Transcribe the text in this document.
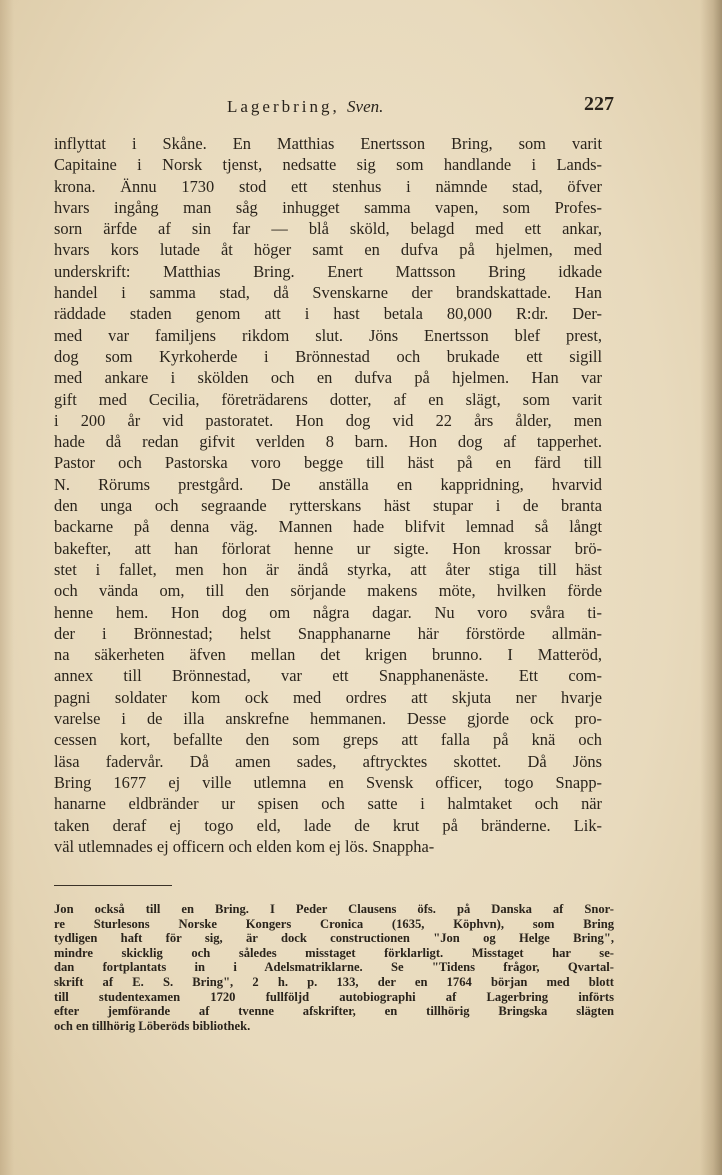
Lagerbring, Sven.	227
inflyttat i Skåne. En Matthias Enertsson Bring, som varit
Capitaine i Norsk tjenst, nedsatte sig som handlande i Lands-
krona. Ännu 1730 stod ett stenhus i nämnde stad, öfver
hvars ingång man såg inhugget samma vapen, som Profes-
sorn ärfde af sin far — blå sköld, belagd med ett ankar,
hvars kors lutade åt höger samt en dufva på hjelmen, med
underskrift: Matthias Bring. Enert Mattsson Bring idkade
handel i samma stad, då Svenskarne der brandskattade. Han
räddade staden genom att i hast betala 80,000 R:dr. Der-
med var familjens rikdom slut. Jöns Enertsson blef prest,
dog som Kyrkoherde i Brönnestad och brukade ett sigill
med ankare i skölden och en dufva på hjelmen. Han var
gift med Cecilia, företrädarens dotter, af en slägt, som varit
i 200 år vid pastoratet. Hon dog vid 22 års ålder, men
hade då redan gifvit verlden 8 barn. Hon dog af tapperhet.
Pastor och Pastorska voro begge till häst på en färd till
N. Rörums prestgård. De anställa en kappridning, hvarvid
den unga och segraande rytterskans häst stupar i de branta
backarne på denna väg. Mannen hade blifvit lemnad så långt
bakefter, att han förlorat henne ur sigte. Hon krossar brö-
stet i fallet, men hon är ändå styrka, att åter stiga till häst
och vända om, till den sörjande makens möte, hvilken förde
henne hem. Hon dog om några dagar. Nu voro svåra ti-
der i Brönnestad; helst Snapphanarne här förstörde allmän-
na säkerheten äfven mellan det krigen brunno. I Matteröd,
annex till Brönnestad, var ett Snapphanenäste. Ett com-
pagni soldater kom ock med ordres att skjuta ner hvarje
varelse i de illa anskrefne hemmanen. Desse gjorde ock pro-
cessen kort, befallte den som greps att falla på knä och
läsa fadervår. Då amen sades, aftrycktes skottet. Då Jöns
Bring 1677 ej ville utlemna en Svensk officer, togo Snapp-
hanarne eldbränder ur spisen och satte i halmtaket och när
taken deraf ej togo eld, lade de krut på bränderne. Lik-
väl utlemnades ej officern och elden kom ej lös. Snappha-
Jon också till en Bring. I Peder Clausens öfs. på Danska af Snor-
re Sturlesons Norske Kongers Cronica (1635, Köphvn), som Bring
tydligen haft för sig, är dock constructionen "Jon og Helge Bring",
mindre skicklig och således misstaget förklarligt. Misstaget har se-
dan fortplantats in i Adelsmatriklarne. Se "Tidens frågor, Qvartal-
skrift af E. S. Bring", 2 h. p. 133, der en 1764 början med blott
till studentexamen 1720 fullföljd autobiographi af Lagerbring införts
efter jemförande af tvenne afskrifter, en tillhörig Bringska slägten
och en tillhörig Löberöds bibliothek.
